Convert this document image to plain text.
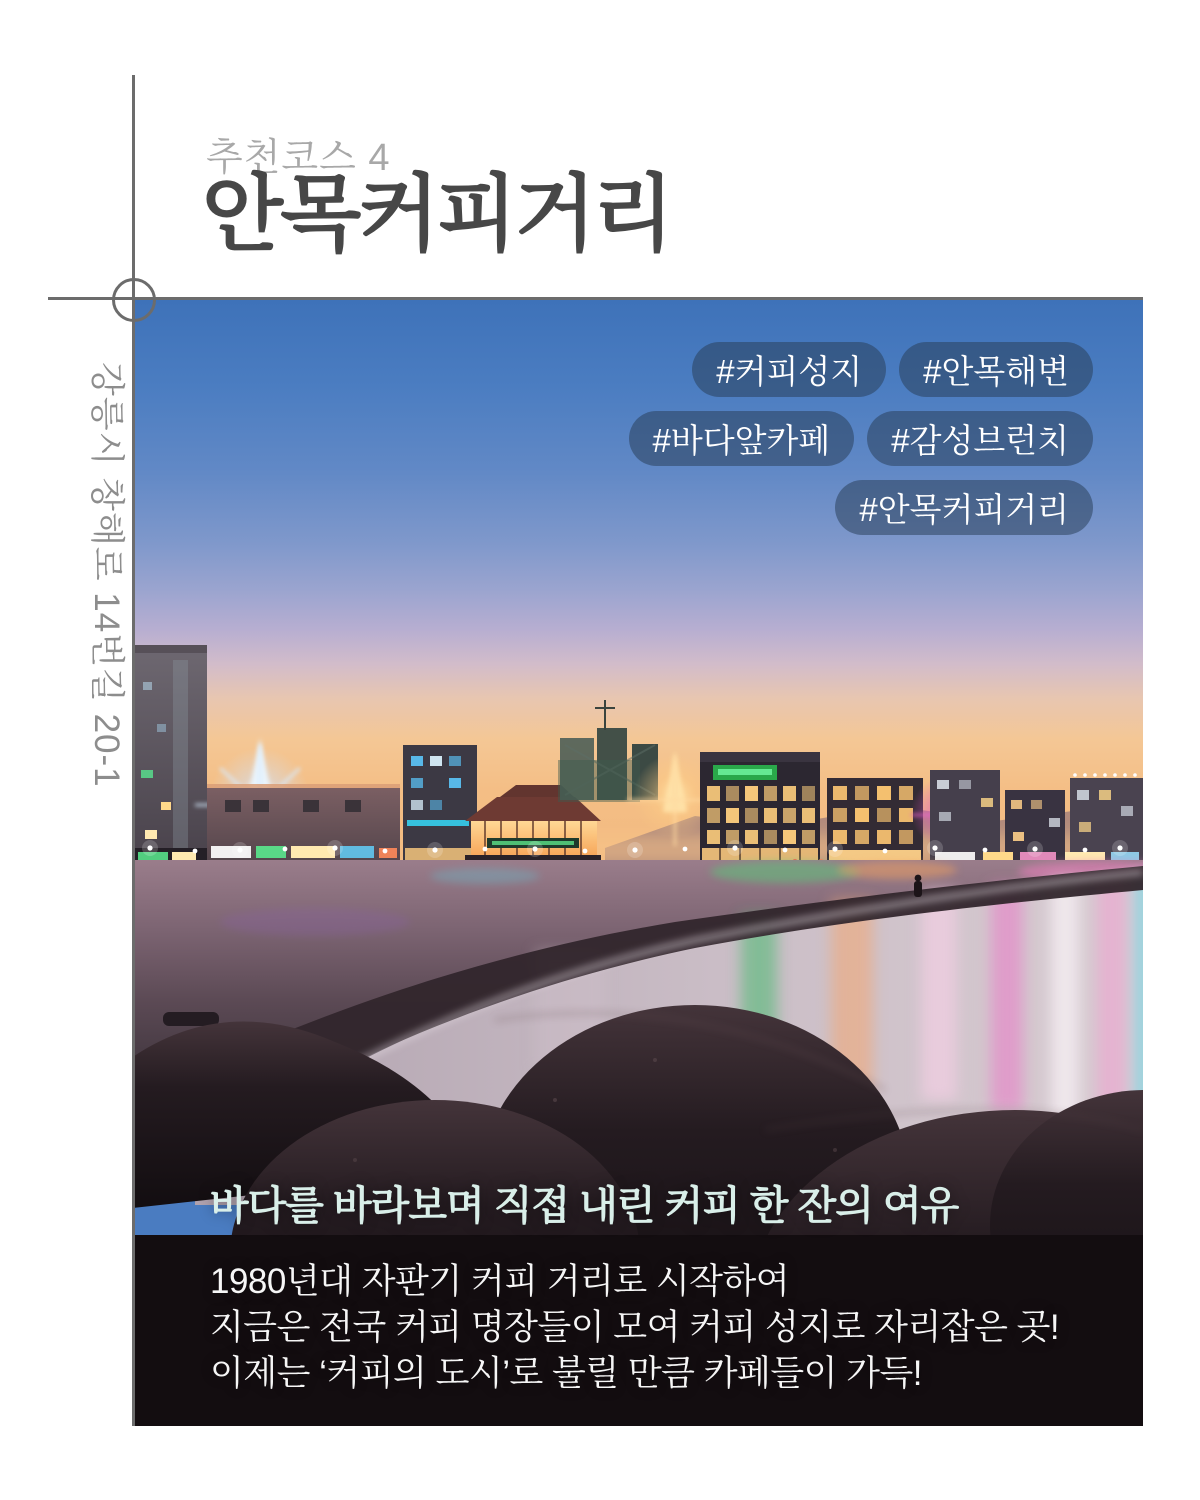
추천코스 4
안목커피거리
강릉시 창해로 14번길 20-1	#커피성지	#안목해변
#바다앞카페	#감성브런치
#안목커피거리
바다를 바라보며 직접 내린 커피 한 잔의 여유
1980년대 자판기 커피 거리로 시작하여
지금은 전국 커피 명장들이 모여 커피 성지로 자리잡은 곳!
이제는 ‘커피의 도시’로 불릴 만큼 카페들이 가득!
